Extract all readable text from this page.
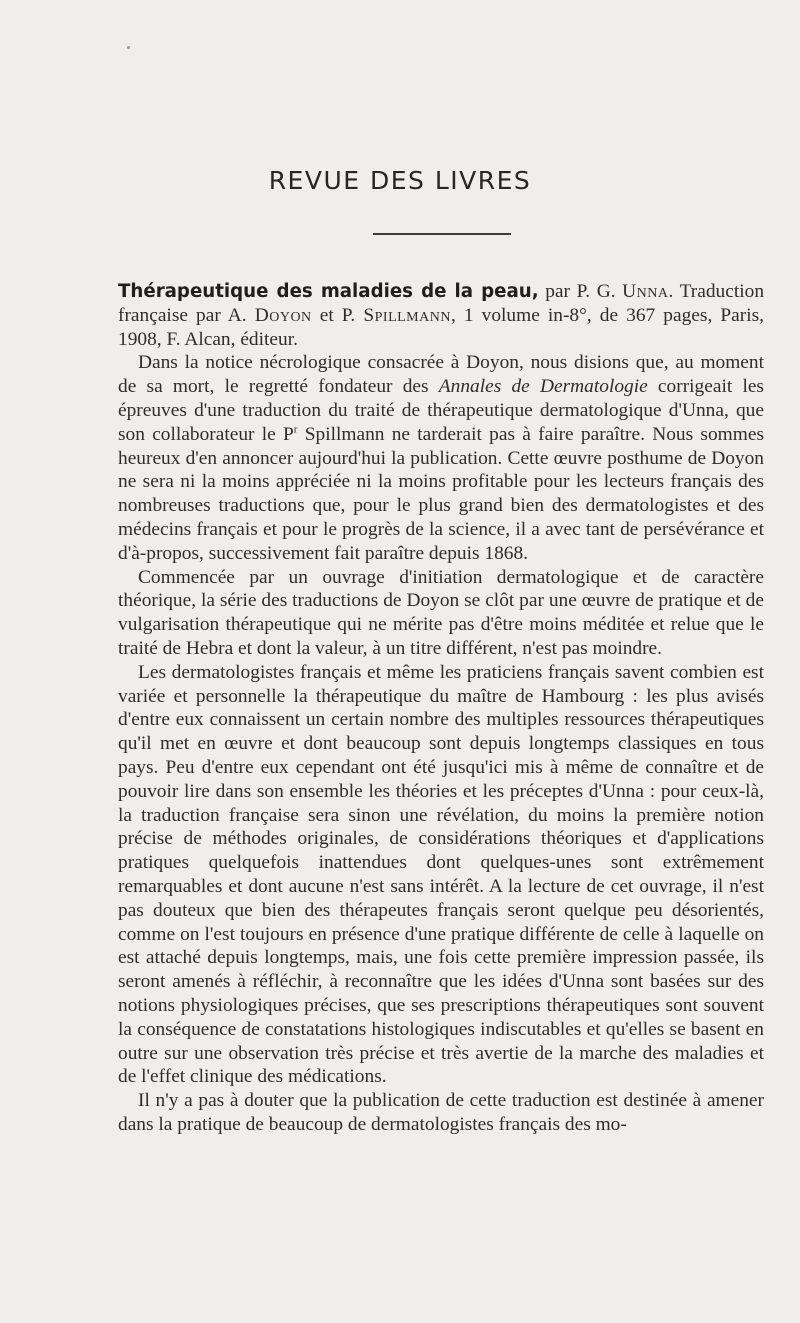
REVUE DES LIVRES

Thérapeutique des maladies de la peau, par P. G. Unna. Traduction française par A. Doyon et P. Spillmann, 1 volume in-8°, de 367 pages, Paris, 1908, F. Alcan, éditeur.

Dans la notice nécrologique consacrée à Doyon, nous disions que, au moment de sa mort, le regretté fondateur des Annales de Dermatologie corrigeait les épreuves d'une traduction du traité de thérapeutique dermatologique d'Unna, que son collaborateur le $P^r$ Spillmann ne tarderait pas à faire paraître. Nous sommes heureux d'en annoncer aujourd'hui la publication. Cette œuvre posthume de Doyon ne sera ni la moins appréciée ni la moins profitable pour les lecteurs français des nombreuses traductions que, pour le plus grand bien des dermatologistes et des médecins français et pour le progrès de la science, il a avec tant de persévérance et d'à-propos, successivement fait paraître depuis 1868.

Commencée par un ouvrage d'initiation dermatologique et de caractère théorique, la série des traductions de Doyon se clôt par une œuvre de pratique et de vulgarisation thérapeutique qui ne mérite pas d'être moins méditée et relue que le traité de Hebra et dont la valeur, à un titre différent, n'est pas moindre.

Les dermatologistes français et même les praticiens français savent combien est variée et personnelle la thérapeutique du maître de Hambourg : les plus avisés d'entre eux connaissent un certain nombre des multiples ressources thérapeutiques qu'il met en œuvre et dont beaucoup sont depuis longtemps classiques en tous pays. Peu d'entre eux cependant ont été jusqu'ici mis à même de connaître et de pouvoir lire dans son ensemble les théories et les préceptes d'Unna : pour ceux-là, la traduction française sera sinon une révélation, du moins la première notion précise de méthodes originales, de considérations théoriques et d'applications pratiques quelquefois inattendues dont quelques-unes sont extrêmement remarquables et dont aucune n'est sans intérêt. A la lecture de cet ouvrage, il n'est pas douteux que bien des thérapeutes français seront quelque peu désorientés, comme on l'est toujours en présence d'une pratique différente de celle à laquelle on est attaché depuis longtemps, mais, une fois cette première impression passée, ils seront amenés à réfléchir, à reconnaître que les idées d'Unna sont basées sur des notions physiologiques précises, que ses prescriptions thérapeutiques sont souvent la conséquence de constatations histologiques indiscutables et qu'elles se basent en outre sur une observation très précise et très avertie de la marche des maladies et de l'effet clinique des médications.

Il n'y a pas à douter que la publication de cette traduction est destinée à amener dans la pratique de beaucoup de dermatologistes français des mo-
